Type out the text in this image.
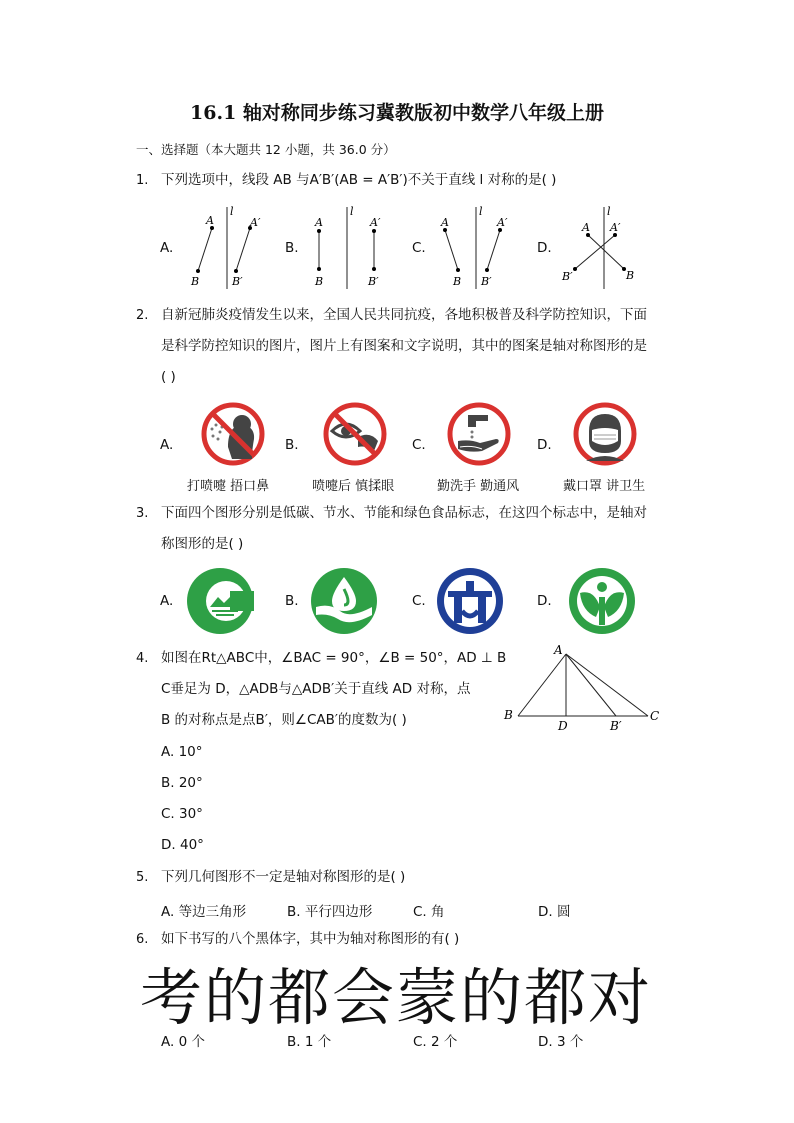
16.1 轴对称同步练习冀教版初中数学八年级上册
一、选择题（本大题共 12 小题，共 36.0 分）
1. 下列选项中，线段 AB 与A′B′(AB = A′B′)不关于直线 l 对称的是( )
A.	B.	C.	D.
l
A	A′
B	B′
l
A	A′
B	B′
l
A	A′
B B′
l
A A′
B
B′
2. 自新冠肺炎疫情发生以来，全国人民共同抗疫，各地积极普及科学防控知识，下面
是科学防控知识的图片，图片上有图案和文字说明，其中的图案是轴对称图形的是
( )
A.	B.	C.	D.
打喷嚏 捂口鼻	喷嚏后 慎揉眼	勤洗手 勤通风	戴口罩 讲卫生
3. 下面四个图形分别是低碳、节水、节能和绿色食品标志，在这四个标志中，是轴对
称图形的是( )
A.	B.	C.	D.
4. 如图在Rt△ABC中，∠BAC = 90°，∠B = 50°，AD ⊥ B
C垂足为 D，△ADB与△ADB′关于直线 AD 对称，点
B 的对称点是点B′，则∠CAB′的度数为( )
A
B
D	B′
C
A. 10°
B. 20°
C. 30°
D. 40°
5. 下列几何图形不一定是轴对称图形的是( )
A. 等边三角形	B. 平行四边形	C. 角	D. 圆
6. 如下书写的八个黑体字，其中为轴对称图形的有( )
考的都会蒙的都对
A. 0 个	B. 1 个	C. 2 个	D. 3 个
